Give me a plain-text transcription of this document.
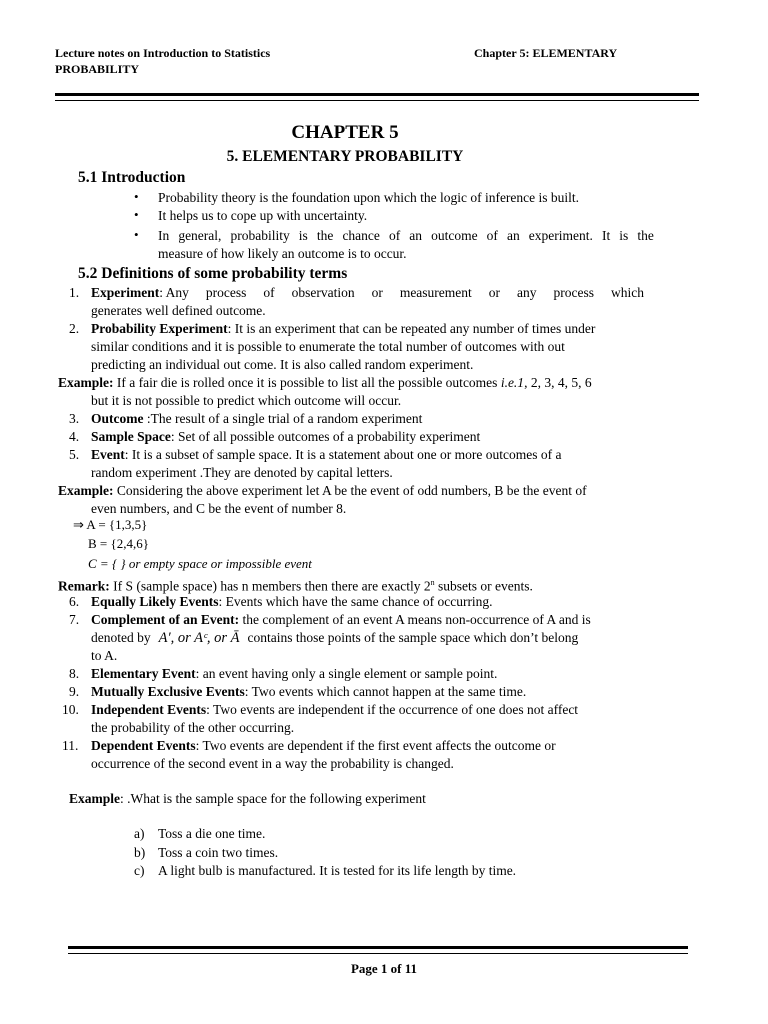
Lecture notes on Introduction to Statistics
PROBABILITY
Chapter 5: ELEMENTARY
CHAPTER 5
5. ELEMENTARY PROBABILITY
5.1 Introduction
• Probability theory is the foundation upon which the logic of inference is built.
• It helps us to cope up with uncertainty.
• In general, probability is the chance of an outcome of an experiment. It is the
measure of how likely an outcome is to occur.
5.2 Definitions of some probability terms
1. Experiment: Any process of observation or measurement or any process which
generates well defined outcome.
2. Probability Experiment: It is an experiment that can be repeated any number of times under
similar conditions and it is possible to enumerate the total number of outcomes with out
predicting an individual out come. It is also called random experiment.
Example: If a fair die is rolled once it is possible to list all the possible outcomes i.e.1, 2, 3, 4, 5, 6
but it is not possible to predict which outcome will occur.
3. Outcome :The result of a single trial of a random experiment
4. Sample Space: Set of all possible outcomes of a probability experiment
5. Event: It is a subset of sample space. It is a statement about one or more outcomes of a
random experiment .They are denoted by capital letters.
Example: Considering the above experiment let A be the event of odd numbers, B be the event of
even numbers, and C be the event of number 8.
⇒ A = {1,3,5}
B = {2,4,6}
C = { } or empty space or impossible event
Remark: If S (sample space) has n members then there are exactly 2$^n$ subsets or events.
6. Equally Likely Events: Events which have the same chance of occurring.
7. Complement of an Event: the complement of an event A means non-occurrence of A and is
denoted by A′, or Aᶜ, or Ā contains those points of the sample space which don’t belong
to A.
8. Elementary Event: an event having only a single element or sample point.
9. Mutually Exclusive Events: Two events which cannot happen at the same time.
10. Independent Events: Two events are independent if the occurrence of one does not affect
the probability of the other occurring.
11. Dependent Events: Two events are dependent if the first event affects the outcome or
occurrence of the second event in a way the probability is changed.
Example: .What is the sample space for the following experiment
a) Toss a die one time.
b) Toss a coin two times.
c) A light bulb is manufactured. It is tested for its life length by time.
Page 1 of 11
